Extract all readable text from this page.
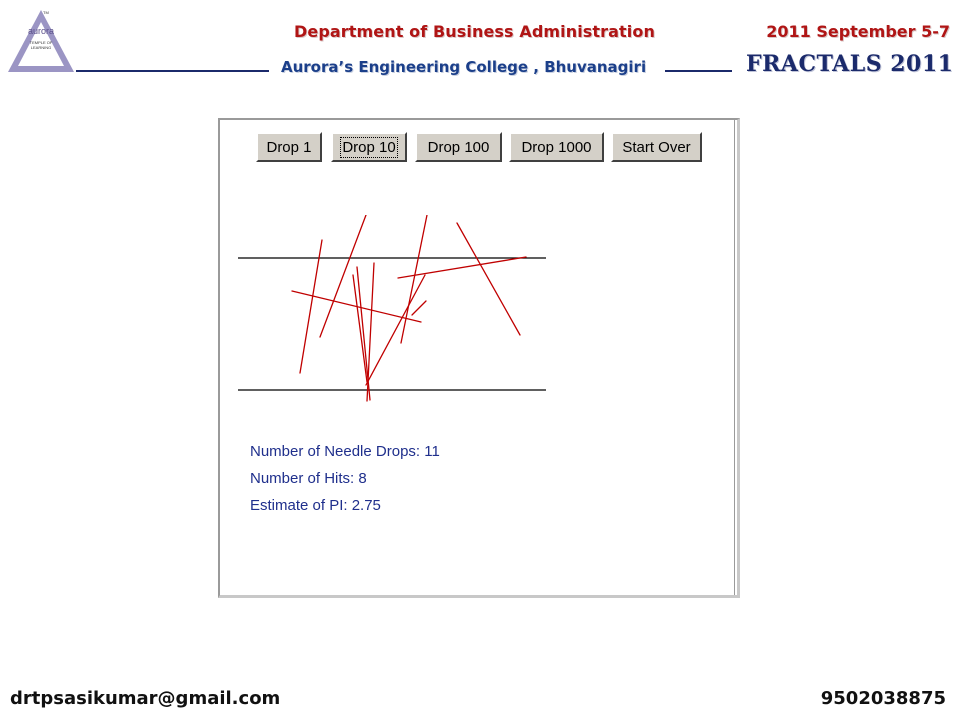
TM
aurora
TEMPLE OF LEARNING
Department of Business Administration	2011 September 5-7
Aurora’s Engineering College , Bhuvanagiri	FRACTALS 2011
Drop 1 Drop 10 Drop 100 Drop 1000 Start Over
Number of Needle Drops: 11
Number of Hits: 8
Estimate of PI: 2.75
drtpsasikumar@gmail.com	9502038875
